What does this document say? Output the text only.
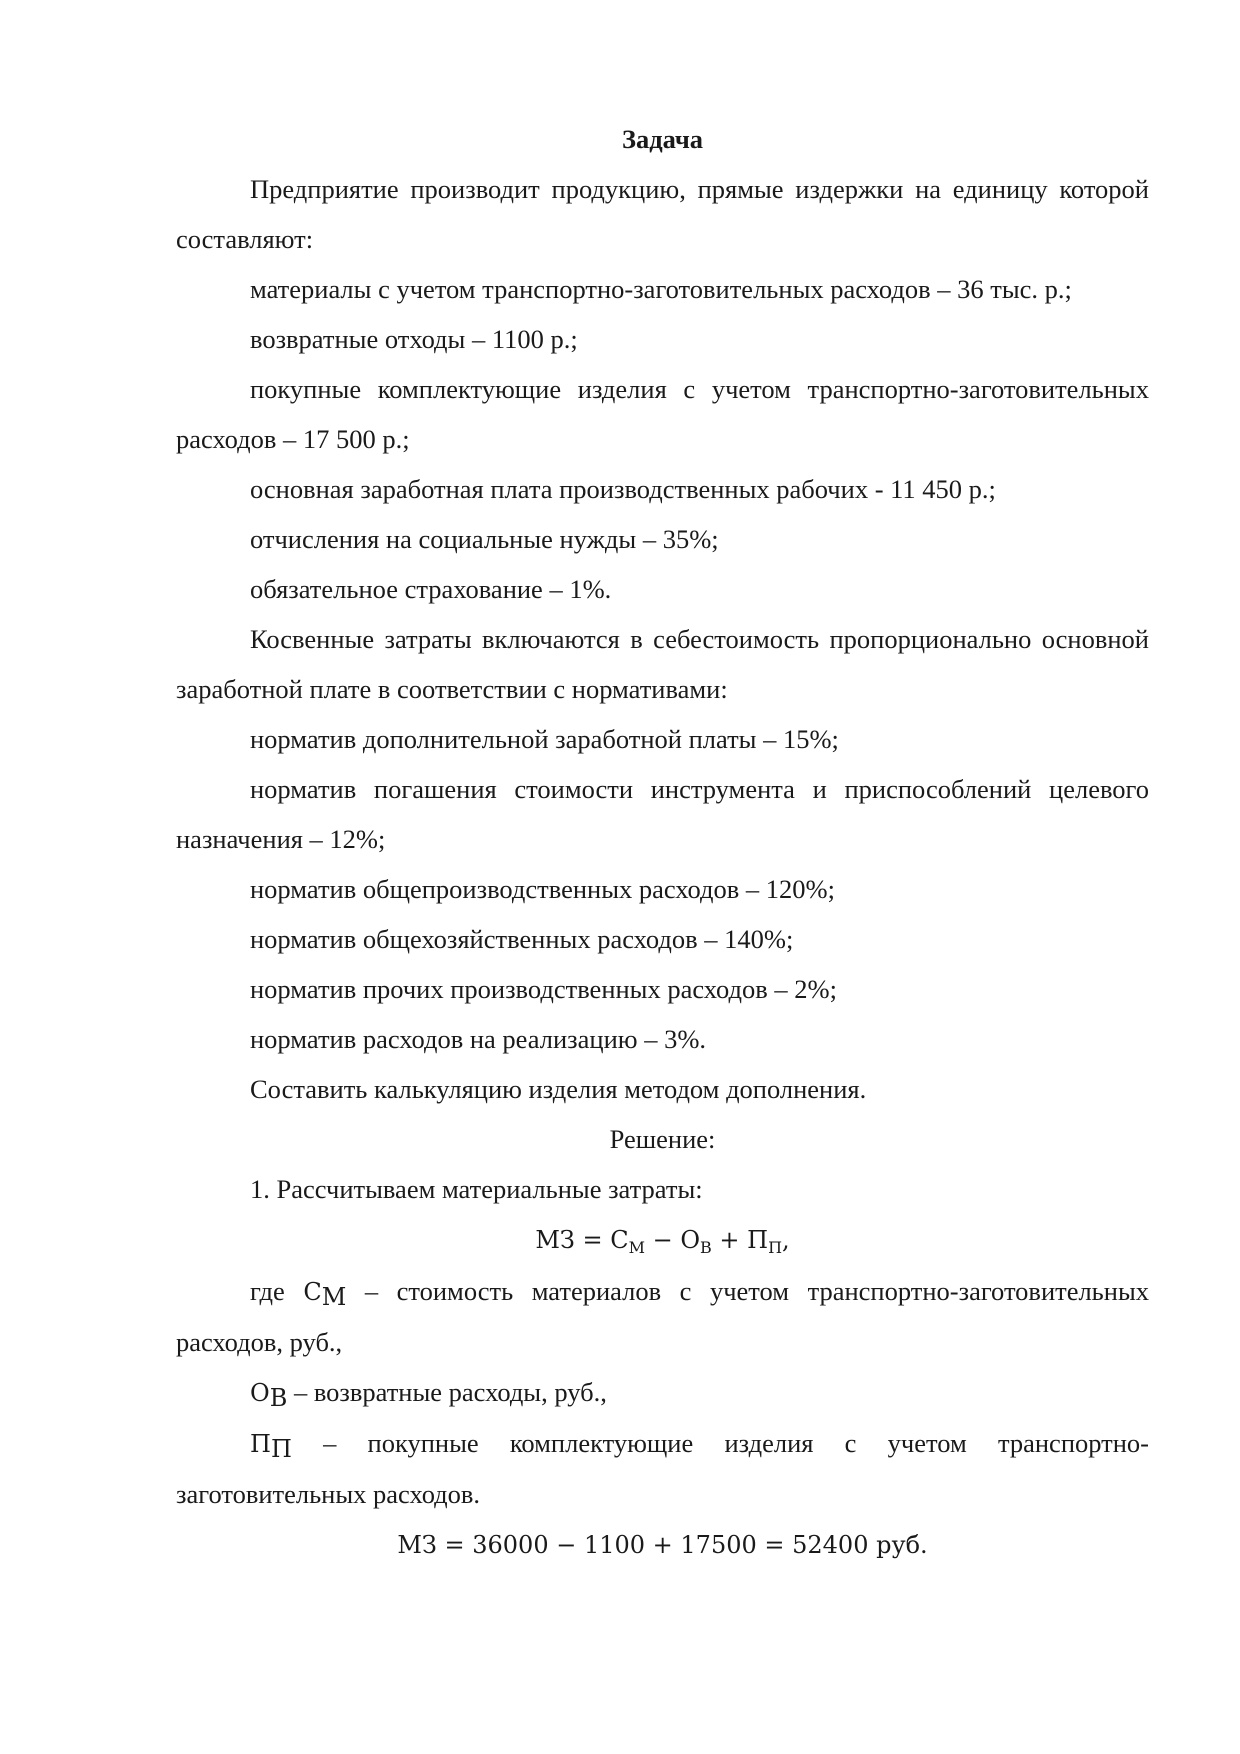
Задача

Предприятие производит продукцию, прямые издержки на единицу которой составляют:

материалы с учетом транспортно-заготовительных расходов – 36 тыс. р.;

возвратные отходы – 1100 р.;

покупные комплектующие изделия с учетом транспортно-заготовительных расходов – 17 500 р.;

основная заработная плата производственных рабочих - 11 450 р.;

отчисления на социальные нужды – 35%;

обязательное страхование – 1%.

Косвенные затраты включаются в себестоимость пропорционально основной заработной плате в соответствии с нормативами:

норматив дополнительной заработной платы – 15%;

норматив погашения стоимости инструмента и приспособлений целевого назначения – 12%;

норматив общепроизводственных расходов – 120%;

норматив общехозяйственных расходов – 140%;

норматив прочих производственных расходов – 2%;

норматив расходов на реализацию – 3%.

Составить калькуляцию изделия методом дополнения.

Решение:

1. Рассчитываем материальные затраты:

МЗ = $С_М - О_В + П_П$,

где $С_М$ – стоимость материалов с учетом транспортно-заготовительных расходов, руб.,

$О_В$ – возвратные расходы, руб.,

$П_П$ – покупные комплектующие изделия с учетом транспортно-заготовительных расходов.

МЗ = 36000 − 1100 + 17500 = 52400 руб.
